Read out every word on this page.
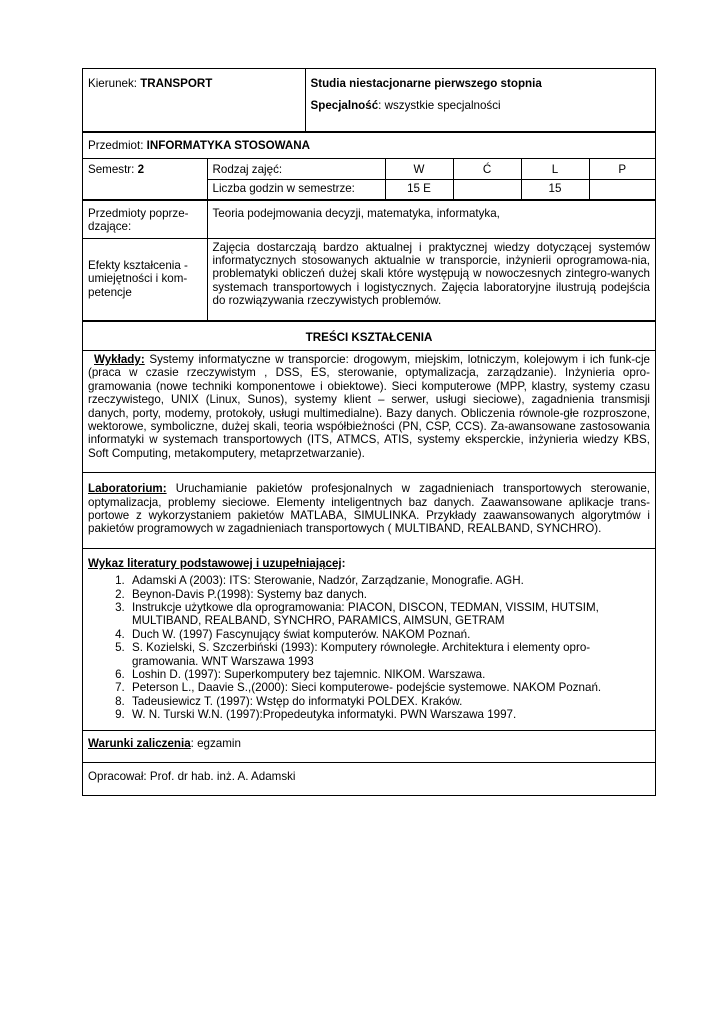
Kierunek: TRANSPORT	Studia niestacjonarne pierwszego stopnia
Specjalność: wszystkie specjalności
Przedmiot: INFORMATYKA STOSOWANA
Semestr: 2	Rodzaj zajęć:	W	Ć	L	P
	Liczba godzin w semestrze:	15 E		15	
Przedmioty poprze-dzające:	Teoria podejmowania decyzji, matematyka, informatyka,
Efekty kształcenia - umiejętności i kom-petencje	Zajęcia dostarczają bardzo aktualnej i praktycznej wiedzy dotyczącej systemów informatycznych stosowanych aktualnie w transporcie, inżynierii oprogramowa-nia, problematyki obliczeń dużej skali które występują w nowoczesnych zintegro-wanych systemach transportowych i logistycznych. Zajęcia laboratoryjne ilustrują podejścia do rozwiązywania rzeczywistych problemów.
TREŚCI KSZTAŁCENIA
Wykłady: Systemy informatyczne w transporcie: drogowym, miejskim, lotniczym, kolejowym i ich funk-cje (praca w czasie rzeczywistym , DSS, ES, sterowanie, optymalizacja, zarządzanie). Inżynieria opro-gramowania (nowe techniki komponentowe i obiektowe). Sieci komputerowe (MPP, klastry, systemy czasu rzeczywistego, UNIX (Linux, Sunos), systemy klient – serwer, usługi sieciowe), zagadnienia transmisji danych, porty, modemy, protokoły, usługi multimedialne). Bazy danych. Obliczenia równole-głe rozproszone, wektorowe, symboliczne, dużej skali, teoria współbieżności (PN, CSP, CCS). Za-awansowane zastosowania informatyki w systemach transportowych (ITS, ATMCS, ATIS, systemy eksperckie, inżynieria wiedzy KBS, Soft Computing, metakomputery, metaprzetwarzanie).
Laboratorium: Uruchamianie pakietów profesjonalnych w zagadnieniach transportowych sterowanie, optymalizacja, problemy sieciowe. Elementy inteligentnych baz danych. Zaawansowane aplikacje trans-portowe z wykorzystaniem pakietów MATLABA, SIMULINKA. Przykłady zaawansowanych algorytmów i pakietów programowych w zagadnieniach transportowych ( MULTIBAND, REALBAND, SYNCHRO).
Wykaz literatury podstawowej i uzupełniającej:
1. Adamski A (2003): ITS: Sterowanie, Nadzór, Zarządzanie, Monografie. AGH.
2. Beynon-Davis P.(1998): Systemy baz danych.
3. Instrukcje użytkowe dla oprogramowania: PIACON, DISCON, TEDMAN, VISSIM, HUTSIM, MULTIBAND, REALBAND, SYNCHRO, PARAMICS, AIMSUN, GETRAM
4. Duch W. (1997) Fascynujący świat komputerów. NAKOM Poznań.
5. S. Kozielski, S. Szczerbiński (1993): Komputery równoległe. Architektura i elementy opro-gramowania. WNT Warszawa 1993
6. Loshin D. (1997): Superkomputery bez tajemnic. NIKOM. Warszawa.
7. Peterson L., Daavie S.,(2000): Sieci komputerowe- podejście systemowe. NAKOM Poznań.
8. Tadeusiewicz T. (1997): Wstęp do informatyki POLDEX. Kraków.
9. W. N. Turski W.N. (1997):Propedeutyka informatyki. PWN Warszawa 1997.
Warunki zaliczenia: egzamin
Opracował: Prof. dr hab. inż. A. Adamski
